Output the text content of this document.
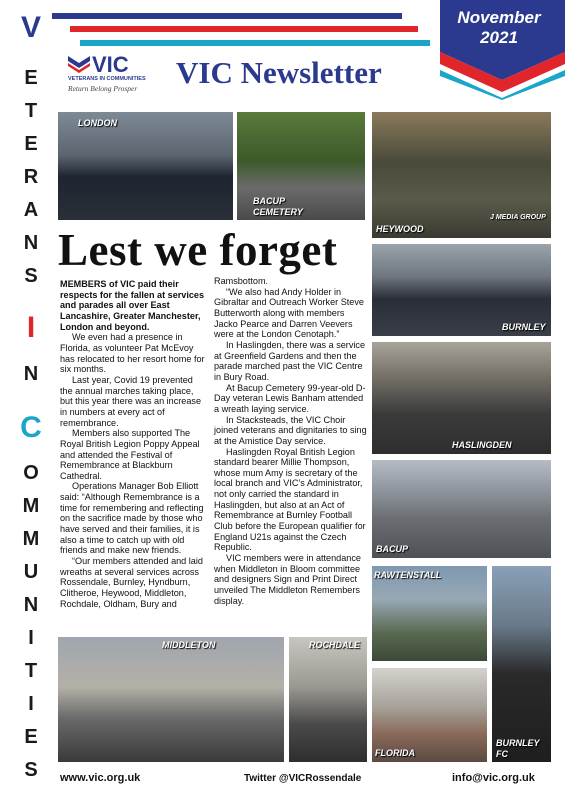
November
2021
V
E
T
E
R
A
N
S
I
N
C
O
M
M
U
N
I
T
I
E
S
VIC
VETERANS IN COMMUNITIES
Return Belong Prosper VIC Newsletter
LONDON
BACUP
CEMETERY
HEYWOOD
J MEDIA GROUP
BURNLEY
HASLINGDEN
BACUP
RAWTENSTALL
BURNLEY
FC
MIDDLETON	ROCHDALE
FLORIDA
Lest we forget

MEMBERS of VIC paid their respects for the fallen at services and parades all over East Lancashire, Greater Manchester, London and beyond.

We even had a presence in Florida, as volunteer Pat McEvoy has relocated to her resort home for six months.

Last year, Covid 19 prevented the annual marches taking place, but this year there was an increase in numbers at every act of remembrance.

Members also supported The Royal British Legion Poppy Appeal and attended the Festival of Remembrance at Blackburn Cathedral.

Operations Manager Bob Elliott said: “Although Remembrance is a time for remembering and reflecting on the sacrifice made by those who have served and their families, it is also a time to catch up with old friends and make new friends.

“Our members attended and laid wreaths at several services across Rossendale, Burnley, Hyndburn, Clitheroe, Heywood, Middleton, Rochdale, Oldham, Bury and

Ramsbottom.

“We also had Andy Holder in Gibraltar and Outreach Worker Steve Butterworth along with members Jacko Pearce and Darren Veevers were at the London Cenotaph.”

In Haslingden, there was a service at Greenfield Gardens and then the parade marched past the VIC Centre in Bury Road.

At Bacup Cemetery 99-year-old D-Day veteran Lewis Banham attended a wreath laying service.

In Stacksteads, the VIC Choir joined veterans and dignitaries to sing at the Amistice Day service.

Haslingden Royal British Legion standard bearer Millie Thompson, whose mum Amy is secretary of the local branch and VIC’s Administrator, not only carried the standard in Haslingden, but also at an Act of Remembrance at Burnley Football Club before the European qualifier for England U21s against the Czech Republic.

VIC members were in attendance when Middleton in Bloom committee and designers Sign and Print Direct unveiled The Middleton Remembers display.

www.vic.org.uk	Twitter @VICRossendale	info@vic.org.uk
